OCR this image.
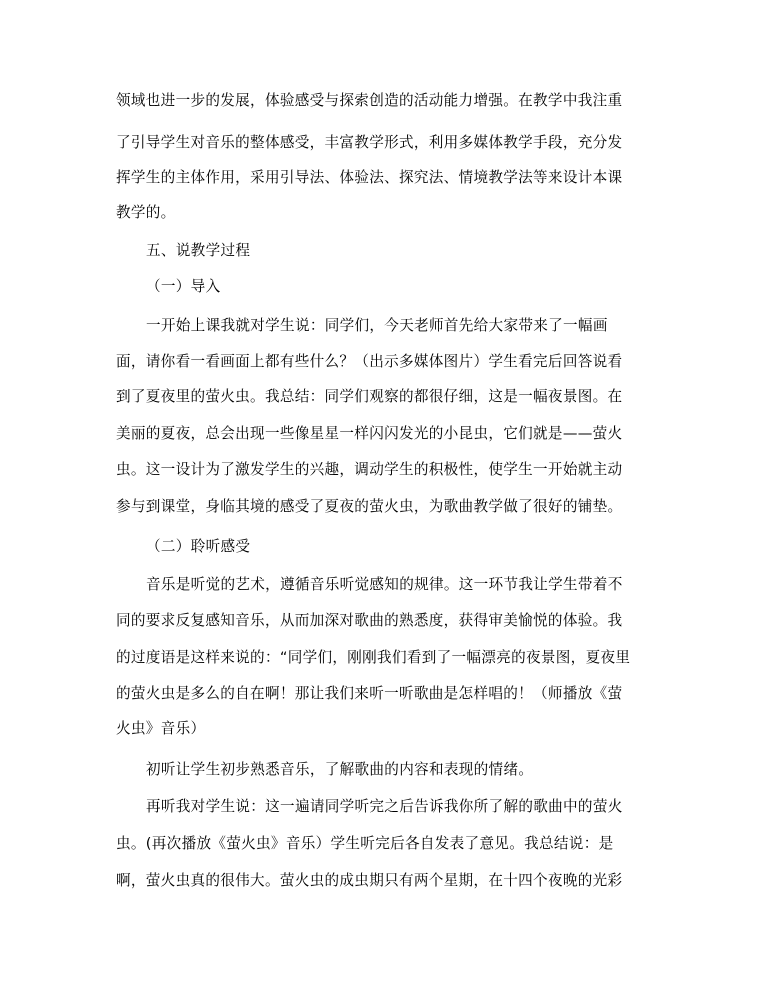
领域也进一步的发展，体验感受与探索创造的活动能力增强。在教学中我注重
了引导学生对音乐的整体感受，丰富教学形式，利用多媒体教学手段，充分发
挥学生的主体作用，采用引导法、体验法、探究法、情境教学法等来设计本课
教学的。
五、说教学过程
（一）导入
一开始上课我就对学生说：同学们，今天老师首先给大家带来了一幅画
面，请你看一看画面上都有些什么？（出示多媒体图片）学生看完后回答说看
到了夏夜里的萤火虫。我总结：同学们观察的都很仔细，这是一幅夜景图。在
美丽的夏夜，总会出现一些像星星一样闪闪发光的小昆虫，它们就是——萤火
虫。这一设计为了激发学生的兴趣，调动学生的积极性，使学生一开始就主动
参与到课堂，身临其境的感受了夏夜的萤火虫，为歌曲教学做了很好的铺垫。
（二）聆听感受
音乐是听觉的艺术，遵循音乐听觉感知的规律。这一环节我让学生带着不
同的要求反复感知音乐，从而加深对歌曲的熟悉度，获得审美愉悦的体验。我
的过度语是这样来说的：“同学们，刚刚我们看到了一幅漂亮的夜景图，夏夜里
的萤火虫是多么的自在啊！那让我们来听一听歌曲是怎样唱的！（师播放《萤
火虫》音乐）
初听让学生初步熟悉音乐，了解歌曲的内容和表现的情绪。
再听我对学生说：这一遍请同学听完之后告诉我你所了解的歌曲中的萤火
虫。(再次播放《萤火虫》音乐）学生听完后各自发表了意见。我总结说：是
啊，萤火虫真的很伟大。萤火虫的成虫期只有两个星期，在十四个夜晚的光彩
